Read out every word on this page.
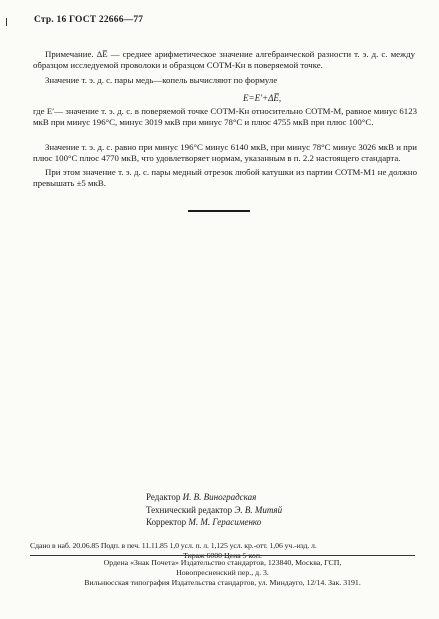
Стр. 16 ГОСТ 22666—77

Примечание. ΔE̅ — среднее арифметическое значение алгебраической разности т. э. д. с. между образцом исследуемой проволоки и образцом СОТМ-Кн в поверяемой точке.

Значение т. э. д. с. пары медь—копель вычисляют по формуле

E=E′+ΔE̅,

где E′— значение т. э. д. с. в поверяемой точке СОТМ-Кн относительно СОТМ-М, равное минус 6123 мкВ при минус 196°С, минус 3019 мкВ при минус 78°С и плюс 4755 мкВ при плюс 100°С.

Значение т. э. д. с. равно при минус 196°С минус 6140 мкВ, при минус 78°С минус 3026 мкВ и при плюс 100°С плюс 4770 мкВ, что удовлетворяет нормам, указанным в п. 2.2 настоящего стандарта.

При этом значение т. э. д. с. пары медный отрезок любой катушки из партии СОТМ-М1 не должно превышать ±5 мкВ.

Редактор И. В. Виноградская
Технический редактор Э. В. Митяй
Корректор М. М. Герасименко
Сдано в наб. 20.06.85 Подп. в печ. 11.11.85 1,0 усл. п. л. 1,125 усл. кр.-отт. 1,06 уч.-изд. л.
Тираж 6000 Цена 5 коп.
Ордена «Знак Почета» Издательство стандартов, 123840, Москва, ГСП,
Новопресненский пер., д. 3.
Вильнюсская типография Издательства стандартов, ул. Миндауго, 12/14. Зак. 3191.
